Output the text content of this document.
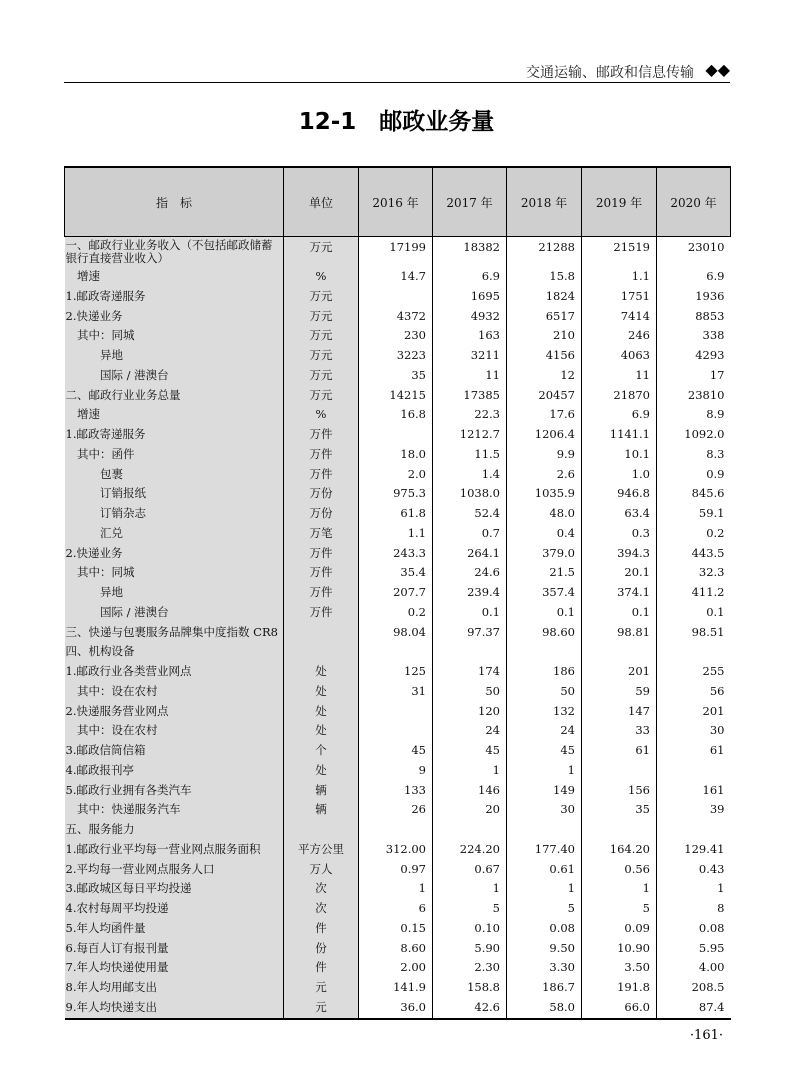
交通运输、邮政和信息传输 ◆◆
12-1　邮政业务量
指　标	单位	2016 年	2017 年	2018 年	2019 年	2020 年
一、邮政行业业务收入（不包括邮政储蓄银行直接营业收入）	万元	17199	18382	21288	21519	23010
　增速	%	14.7	6.9	15.8	1.1	6.9
1.邮政寄递服务	万元		1695	1824	1751	1936
2.快递业务	万元	4372	4932	6517	7414	8853
　其中：同城	万元	230	163	210	246	338
　　　异地	万元	3223	3211	4156	4063	4293
　　　国际 / 港澳台	万元	35	11	12	11	17
二、邮政行业业务总量	万元	14215	17385	20457	21870	23810
　增速	%	16.8	22.3	17.6	6.9	8.9
1.邮政寄递服务	万件		1212.7	1206.4	1141.1	1092.0
　其中：函件	万件	18.0	11.5	9.9	10.1	8.3
　　　包裹	万件	2.0	1.4	2.6	1.0	0.9
　　　订销报纸	万份	975.3	1038.0	1035.9	946.8	845.6
　　　订销杂志	万份	61.8	52.4	48.0	63.4	59.1
　　　汇兑	万笔	1.1	0.7	0.4	0.3	0.2
2.快递业务	万件	243.3	264.1	379.0	394.3	443.5
　其中：同城	万件	35.4	24.6	21.5	20.1	32.3
　　　异地	万件	207.7	239.4	357.4	374.1	411.2
　　　国际 / 港澳台	万件	0.2	0.1	0.1	0.1	0.1
三、快递与包裹服务品牌集中度指数 CR8		98.04	97.37	98.60	98.81	98.51
四、机构设备						
1.邮政行业各类营业网点	处	125	174	186	201	255
　其中：设在农村	处	31	50	50	59	56
2.快递服务营业网点	处		120	132	147	201
　其中：设在农村	处		24	24	33	30
3.邮政信筒信箱	个	45	45	45	61	61
4.邮政报刊亭	处	9	1	1		
5.邮政行业拥有各类汽车	辆	133	146	149	156	161
　其中：快递服务汽车	辆	26	20	30	35	39
五、服务能力						
1.邮政行业平均每一营业网点服务面积	平方公里	312.00	224.20	177.40	164.20	129.41
2.平均每一营业网点服务人口	万人	0.97	0.67	0.61	0.56	0.43
3.邮政城区每日平均投递	次	1	1	1	1	1
4.农村每周平均投递	次	6	5	5	5	8
5.年人均函件量	件	0.15	0.10	0.08	0.09	0.08
6.每百人订有报刊量	份	8.60	5.90	9.50	10.90	5.95
7.年人均快递使用量	件	2.00	2.30	3.30	3.50	4.00
8.年人均用邮支出	元	141.9	158.8	186.7	191.8	208.5
9.年人均快递支出	元	36.0	42.6	58.0	66.0	87.4
·161·
